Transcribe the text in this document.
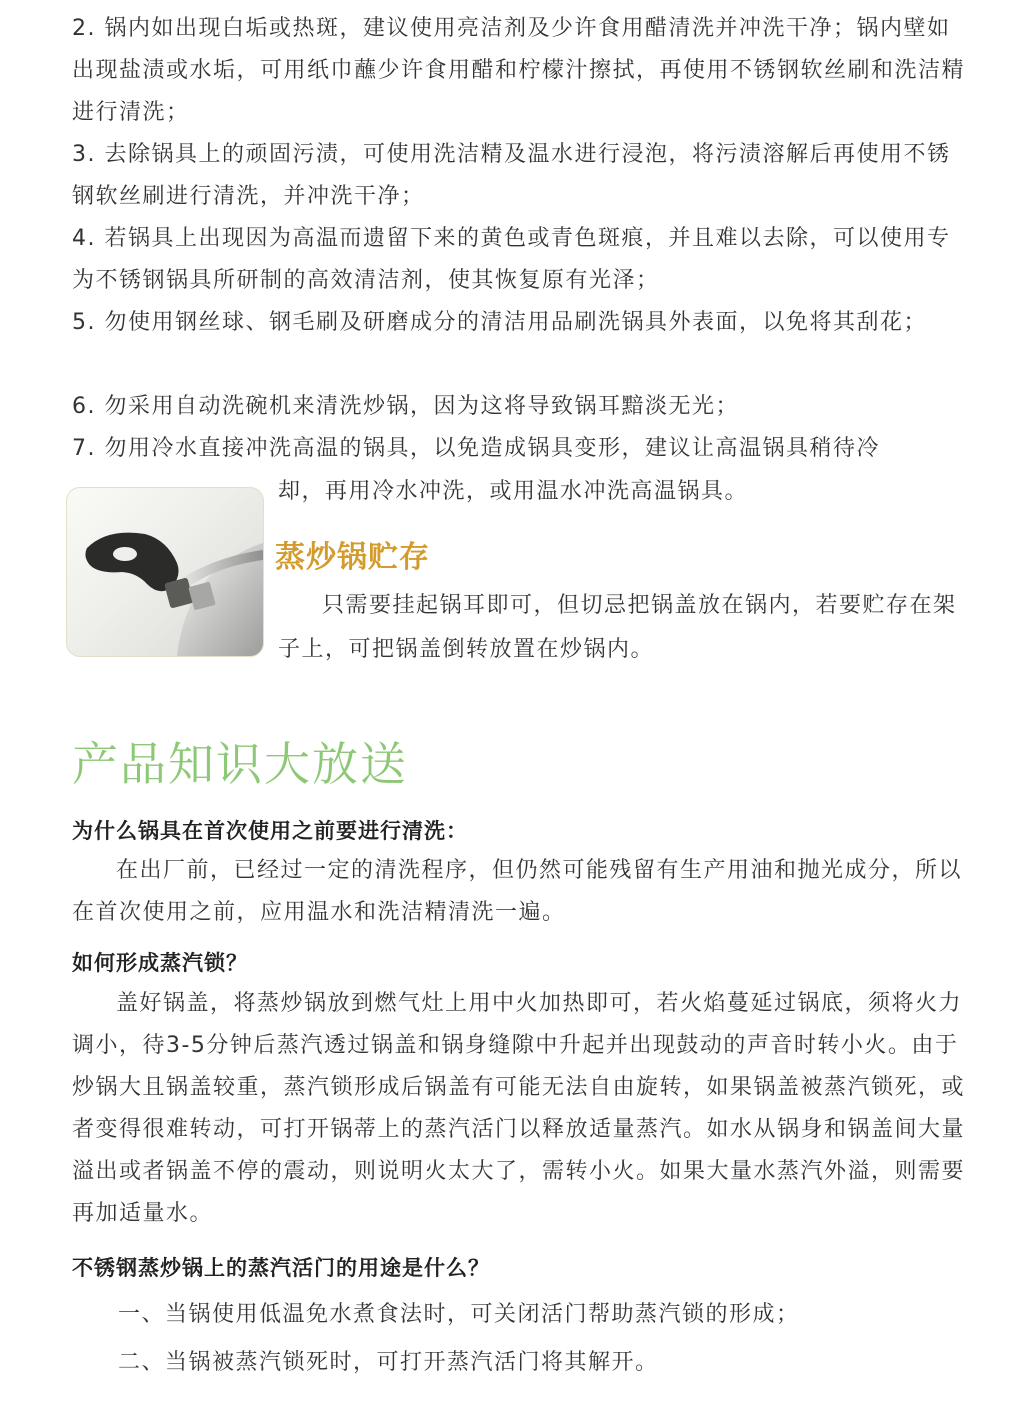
2. 锅内如出现白垢或热斑，建议使用亮洁剂及少许食用醋清洗并冲洗干净；锅内壁如出现盐渍或水垢，可用纸巾蘸少许食用醋和柠檬汁擦拭，再使用不锈钢软丝刷和洗洁精进行清洗；

3. 去除锅具上的顽固污渍，可使用洗洁精及温水进行浸泡，将污渍溶解后再使用不锈钢软丝刷进行清洗，并冲洗干净；

4. 若锅具上出现因为高温而遗留下来的黄色或青色斑痕，并且难以去除，可以使用专为不锈钢锅具所研制的高效清洁剂，使其恢复原有光泽；

5. 勿使用钢丝球、钢毛刷及研磨成分的清洁用品刷洗锅具外表面，以免将其刮花；

6. 勿采用自动洗碗机来清洗炒锅，因为这将导致锅耳黯淡无光；

7. 勿用冷水直接冲洗高温的锅具，以免造成锅具变形，建议让高温锅具稍待冷

却，再用冷水冲洗，或用温水冲洗高温锅具。

蒸炒锅贮存

只需要挂起锅耳即可，但切忌把锅盖放在锅内，若要贮存在架子上，可把锅盖倒转放置在炒锅内。

产品知识大放送

为什么锅具在首次使用之前要进行清洗：

在出厂前，已经过一定的清洗程序，但仍然可能残留有生产用油和抛光成分，所以在首次使用之前，应用温水和洗洁精清洗一遍。

如何形成蒸汽锁？

盖好锅盖，将蒸炒锅放到燃气灶上用中火加热即可，若火焰蔓延过锅底，须将火力调小，待3-5分钟后蒸汽透过锅盖和锅身缝隙中升起并出现鼓动的声音时转小火。由于炒锅大且锅盖较重，蒸汽锁形成后锅盖有可能无法自由旋转，如果锅盖被蒸汽锁死，或者变得很难转动，可打开锅蒂上的蒸汽活门以释放适量蒸汽。如水从锅身和锅盖间大量溢出或者锅盖不停的震动，则说明火太大了，需转小火。如果大量水蒸汽外溢，则需要再加适量水。

不锈钢蒸炒锅上的蒸汽活门的用途是什么？

一、当锅使用低温免水煮食法时，可关闭活门帮助蒸汽锁的形成；

二、当锅被蒸汽锁死时，可打开蒸汽活门将其解开。
